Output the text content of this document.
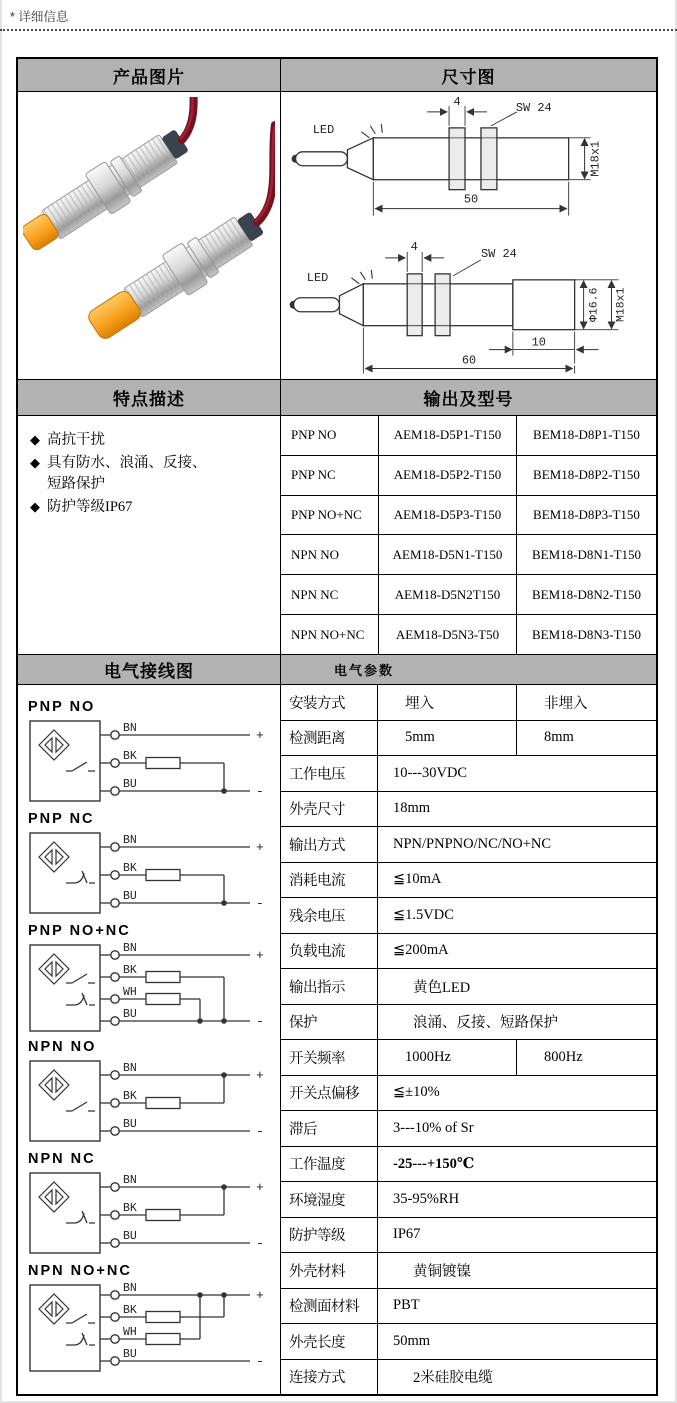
* 详细信息
产品图片	尺寸图
4	SW 24
LED
M18x1
50
4	SW 24
LED
Φ16.6 M18x1
10
60
特点描述	输出及型号
◆ 高抗干扰
◆ 具有防水、浪涌、反接、短路保护
◆ 防护等级IP67
PNP NO	AEM18-D5P1-T150	BEM18-D8P1-T150
PNP NC	AEM18-D5P2-T150	BEM18-D8P2-T150
PNP NO+NC	AEM18-D5P3-T150	BEM18-D8P3-T150
NPN NO	AEM18-D5N1-T150	BEM18-D8N1-T150
NPN NC	AEM18-D5N2T150	BEM18-D8N2-T150
NPN NO+NC	AEM18-D5N3-T50	BEM18-D8N3-T150
电气接线图	电气参数
PNP NO
BN
BK
BU
+
-
PNP NC
BN
BK
BU
+
-
PNP NO+NC
BN
BK
WH
BU
+
-
NPN NO
BN
BK
BU
+
-
NPN NC
BN
BK
BU
+
-
NPN NO+NC
BN
BK
WH
BU
+
-
安装方式	埋入	非埋入
检测距离	5mm	8mm
工作电压	10---30VDC
外壳尺寸	18mm
输出方式	NPN/PNPNO/NC/NO+NC
消耗电流	≦10mA
残余电压	≦1.5VDC
负载电流	≦200mA
输出指示	黄色LED
保护	浪涌、反接、短路保护
开关频率	1000Hz	800Hz
开关点偏移	≦±10%
滞后	3---10% of Sr
工作温度	-25---+150℃
环境湿度	35-95%RH
防护等级	IP67
外壳材料	黄铜镀镍
检测面材料	PBT
外壳长度	50mm
连接方式	2米硅胶电缆
